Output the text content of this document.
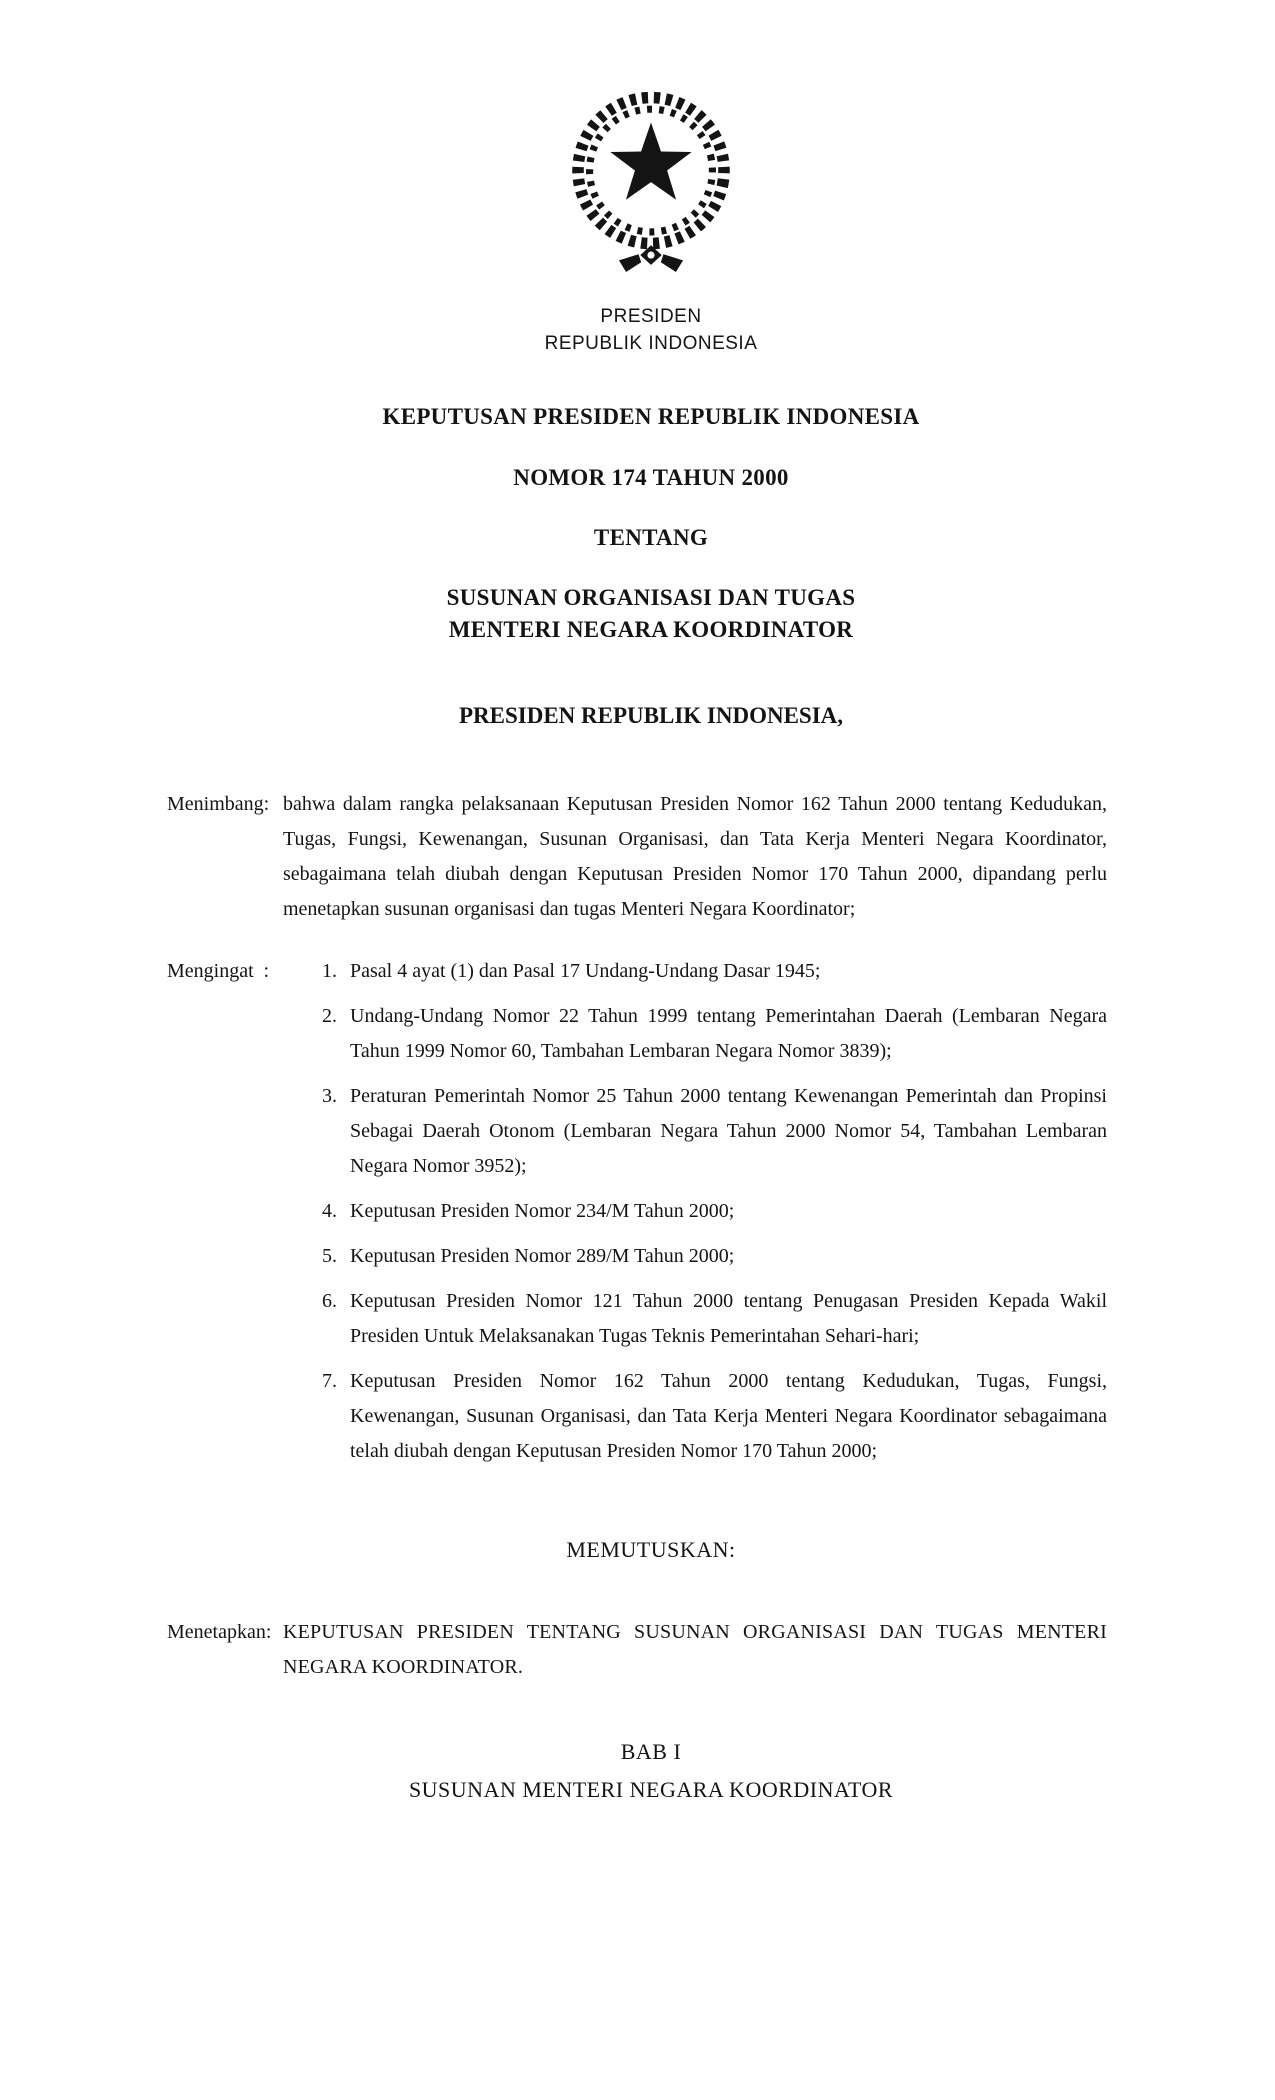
PRESIDEN
REPUBLIK INDONESIA
KEPUTUSAN PRESIDEN REPUBLIK INDONESIA
NOMOR 174 TAHUN 2000
TENTANG
SUSUNAN ORGANISASI DAN TUGAS
MENTERI NEGARA KOORDINATOR
PRESIDEN REPUBLIK INDONESIA,
Menimbang : bahwa dalam rangka pelaksanaan Keputusan Presiden Nomor 162 Tahun 2000 tentang Kedudukan, Tugas, Fungsi, Kewenangan, Susunan Organisasi, dan Tata Kerja Menteri Negara Koordinator, sebagaimana telah diubah dengan Keputusan Presiden Nomor 170 Tahun 2000, dipandang perlu menetapkan susunan organisasi dan tugas Menteri Negara Koordinator;
Mengingat :	1. Pasal 4 ayat (1) dan Pasal 17 Undang-Undang Dasar 1945;
2. Undang-Undang Nomor 22 Tahun 1999 tentang Pemerintahan Daerah (Lembaran Negara Tahun 1999 Nomor 60, Tambahan Lembaran Negara Nomor 3839);
3. Peraturan Pemerintah Nomor 25 Tahun 2000 tentang Kewenangan Pemerintah dan Propinsi Sebagai Daerah Otonom (Lembaran Negara Tahun 2000 Nomor 54, Tambahan Lembaran Negara Nomor 3952);
4. Keputusan Presiden Nomor 234/M Tahun 2000;
5. Keputusan Presiden Nomor 289/M Tahun 2000;
6. Keputusan Presiden Nomor 121 Tahun 2000 tentang Penugasan Presiden Kepada Wakil Presiden Untuk Melaksanakan Tugas Teknis Pemerintahan Sehari-hari;
7. Keputusan Presiden Nomor 162 Tahun 2000 tentang Kedudukan, Tugas, Fungsi, Kewenangan, Susunan Organisasi, dan Tata Kerja Menteri Negara Koordinator sebagaimana telah diubah dengan Keputusan Presiden Nomor 170 Tahun 2000;
MEMUTUSKAN:
Menetapkan : KEPUTUSAN PRESIDEN TENTANG SUSUNAN ORGANISASI DAN TUGAS MENTERI NEGARA KOORDINATOR.
BAB I
SUSUNAN MENTERI NEGARA KOORDINATOR
